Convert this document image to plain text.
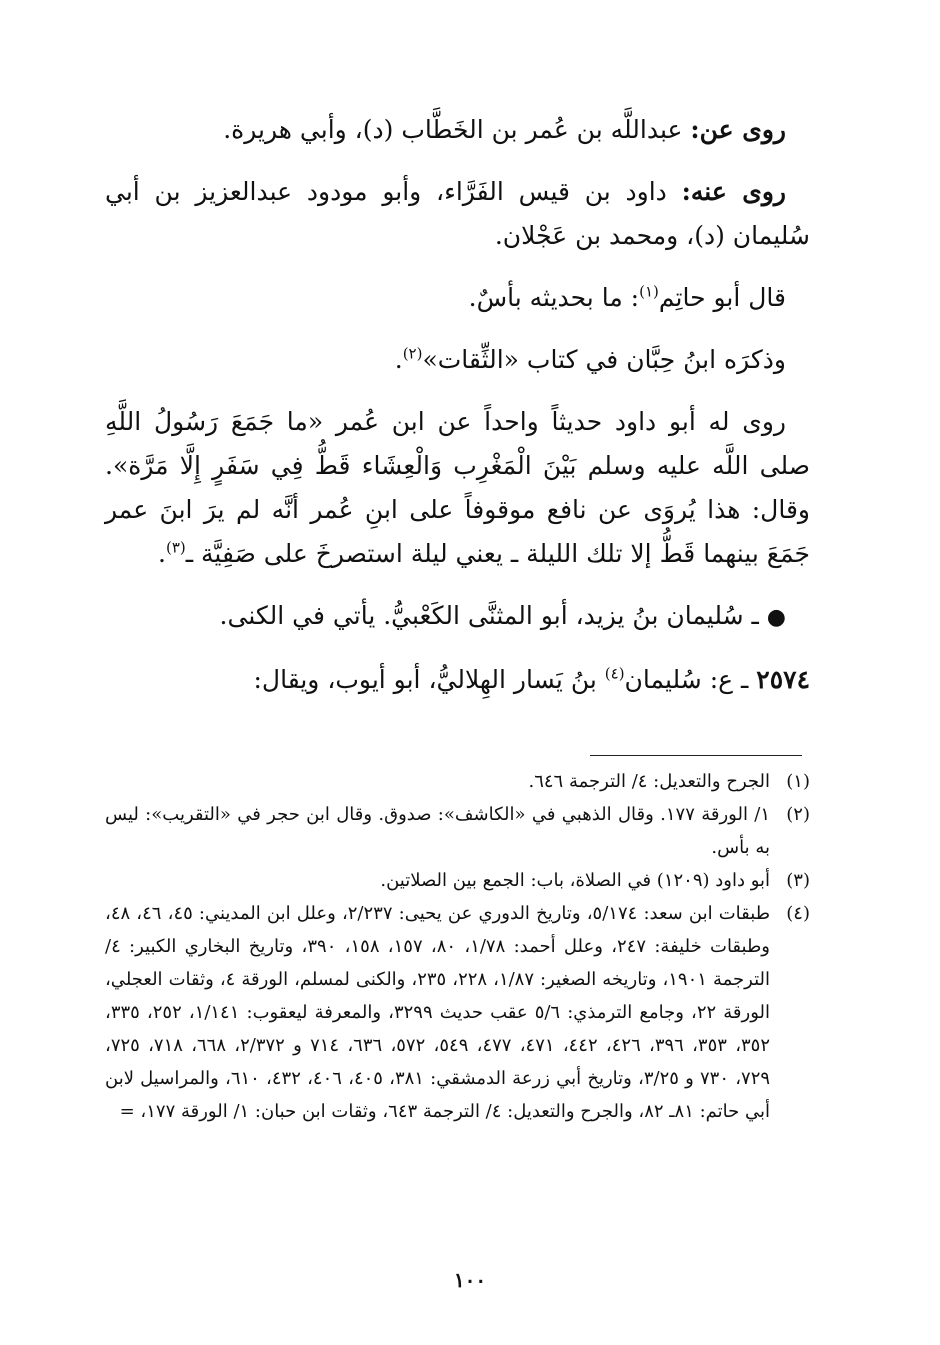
روى عن: عبداللَّه بن عُمر بن الخَطَّاب (د)، وأبي هريرة.

روى عنه: داود بن قيس الفَرَّاء، وأبو مودود عبدالعزيز بن أبي سُليمان (د)، ومحمد بن عَجْلان.

قال أبو حاتِم$^{(١)}$: ما بحديثه بأسٌ.

وذكرَه ابنُ حِبَّان في كتاب «الثِّقات»$^{(٢)}$.

روى له أبو داود حديثاً واحداً عن ابن عُمر «ما جَمَعَ رَسُولُ اللَّهِ صلى اللَّه عليه وسلم بَيْنَ الْمَغْرِب وَالْعِشَاء قَطُّ فِي سَفَرٍ إِلَّا مَرَّة». وقال: هذا يُروَى عن نافع موقوفاً على ابنِ عُمر أنَّه لم يرَ ابنَ عمر جَمَعَ بينهما قَطُّ إلا تلك الليلة ـ يعني ليلة استصرخَ على صَفِيَّة ـ$^{(٣)}$.

● ـ سُليمان بنُ يزيد، أبو المثنَّى الكَعْبيُّ. يأتي في الكنى.

٢٥٧٤ ـ ع: سُليمان$^{(٤)}$ بنُ يَسار الهِلاليُّ، أبو أيوب، ويقال:

(١)
الجرح والتعديل: ٤/ الترجمة ٦٤٦.
(٢)
١/ الورقة ١٧٧. وقال الذهبي في «الكاشف»: صدوق. وقال ابن حجر في «التقريب»: ليس به بأس.
(٣)
أبو داود (١٢٠٩) في الصلاة، باب: الجمع بين الصلاتين.
(٤)
طبقات ابن سعد: ٥/١٧٤، وتاريخ الدوري عن يحيى: ٢/٢٣٧، وعلل ابن المديني: ٤٥، ٤٦، ٤٨، وطبقات خليفة: ٢٤٧، وعلل أحمد: ١/٧٨، ٨٠، ١٥٧، ١٥٨، ٣٩٠، وتاريخ البخاري الكبير: ٤/ الترجمة ١٩٠١، وتاريخه الصغير: ١/٨٧، ٢٢٨، ٢٣٥، والكنى لمسلم، الورقة ٤، وثقات العجلي، الورقة ٢٢، وجامع الترمذي: ٥/٦ عقب حديث ٣٢٩٩، والمعرفة ليعقوب: ١/١٤١، ٢٥٢، ٣٣٥، ٣٥٢، ٣٥٣، ٣٩٦، ٤٢٦، ٤٤٢، ٤٧١، ٤٧٧، ٥٤٩، ٥٧٢، ٦٣٦، ٧١٤ و ٢/٣٧٢، ٦٦٨، ٧١٨، ٧٢٥، ٧٢٩، ٧٣٠ و ٣/٢٥، وتاريخ أبي زرعة الدمشقي: ٣٨١، ٤٠٥، ٤٠٦، ٤٣٢، ٦١٠، والمراسيل لابن أبي حاتم: ٨١ـ ٨٢، والجرح والتعديل: ٤/ الترجمة ٦٤٣، وثقات ابن حبان: ١/ الورقة ١٧٧، =
١٠٠
